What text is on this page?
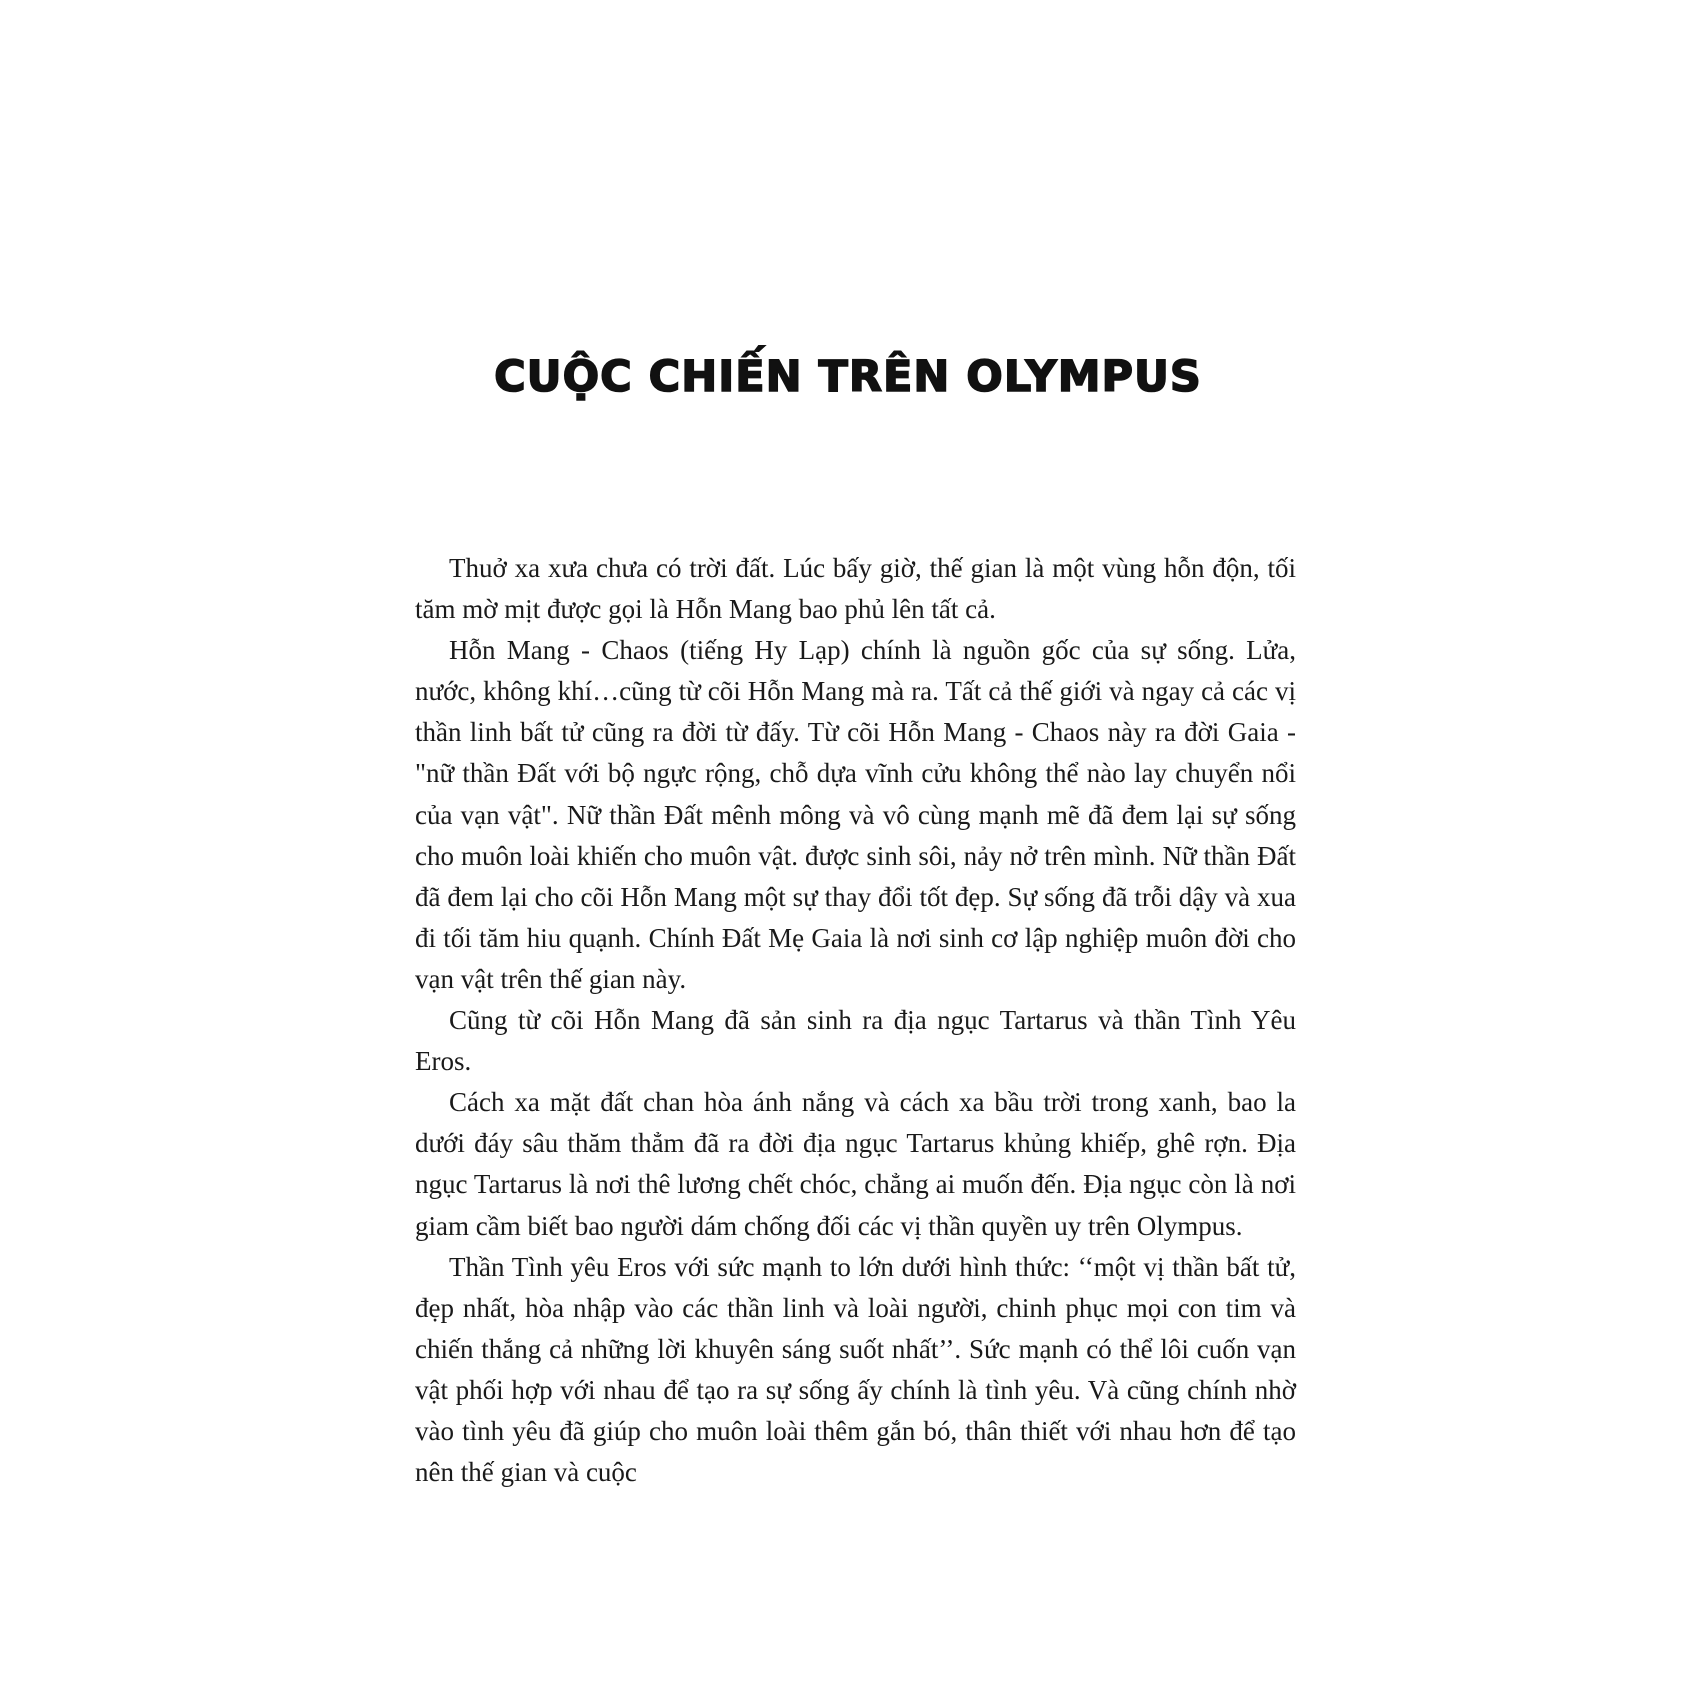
CUỘC CHIẾN TRÊN OLYMPUS

Thuở xa xưa chưa có trời đất. Lúc bấy giờ, thế gian là một vùng hỗn độn, tối tăm mờ mịt được gọi là Hỗn Mang bao phủ lên tất cả.

Hỗn Mang - Chaos (tiếng Hy Lạp) chính là nguồn gốc của sự sống. Lửa, nước, không khí…cũng từ cõi Hỗn Mang mà ra. Tất cả thế giới và ngay cả các vị thần linh bất tử cũng ra đời từ đấy. Từ cõi Hỗn Mang - Chaos này ra đời Gaia - "nữ thần Đất với bộ ngực rộng, chỗ dựa vĩnh cửu không thể nào lay chuyển nổi của vạn vật". Nữ thần Đất mênh mông và vô cùng mạnh mẽ đã đem lại sự sống cho muôn loài khiến cho muôn vật. được sinh sôi, nảy nở trên mình. Nữ thần Đất đã đem lại cho cõi Hỗn Mang một sự thay đổi tốt đẹp. Sự sống đã trỗi dậy và xua đi tối tăm hiu quạnh. Chính Đất Mẹ Gaia là nơi sinh cơ lập nghiệp muôn đời cho vạn vật trên thế gian này.

Cũng từ cõi Hỗn Mang đã sản sinh ra địa ngục Tartarus và thần Tình Yêu Eros.

Cách xa mặt đất chan hòa ánh nắng và cách xa bầu trời trong xanh, bao la dưới đáy sâu thăm thẳm đã ra đời địa ngục Tartarus khủng khiếp, ghê rợn. Địa ngục Tartarus là nơi thê lương chết chóc, chẳng ai muốn đến. Địa ngục còn là nơi giam cầm biết bao người dám chống đối các vị thần quyền uy trên Olympus.

Thần Tình yêu Eros với sức mạnh to lớn dưới hình thức: ‘‘một vị thần bất tử, đẹp nhất, hòa nhập vào các thần linh và loài người, chinh phục mọi con tim và chiến thắng cả những lời khuyên sáng suốt nhất’’. Sức mạnh có thể lôi cuốn vạn vật phối hợp với nhau để tạo ra sự sống ấy chính là tình yêu. Và cũng chính nhờ vào tình yêu đã giúp cho muôn loài thêm gắn bó, thân thiết với nhau hơn để tạo nên thế gian và cuộc
